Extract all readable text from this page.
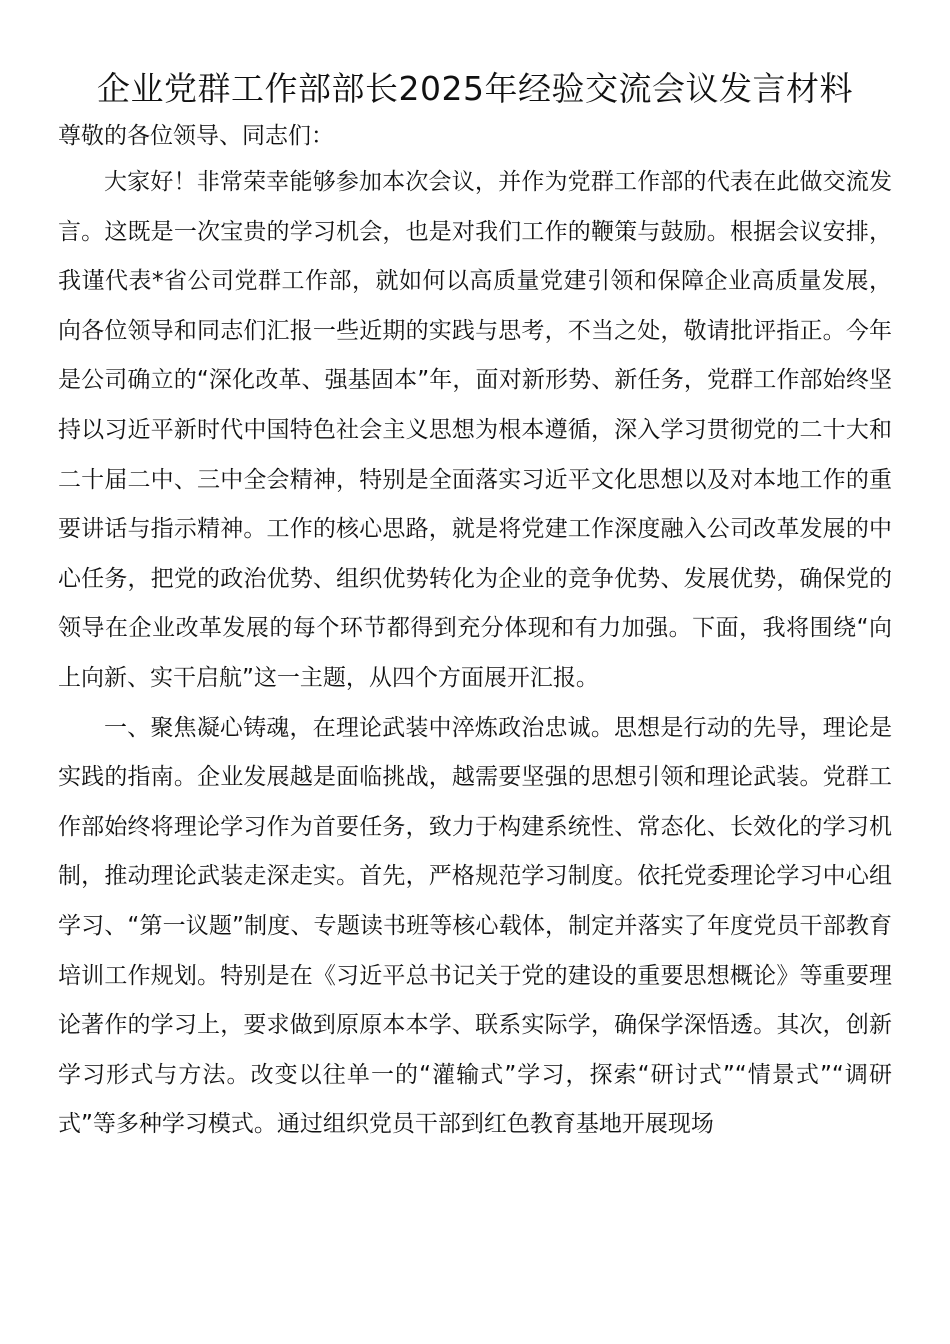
企业党群工作部部长2025年经验交流会议发言材料

尊敬的各位领导、同志们：

大家好！非常荣幸能够参加本次会议，并作为党群工作部的代表在此做交流发言。这既是一次宝贵的学习机会，也是对我们工作的鞭策与鼓励。根据会议安排，我谨代表*省公司党群工作部，就如何以高质量党建引领和保障企业高质量发展，向各位领导和同志们汇报一些近期的实践与思考，不当之处，敬请批评指正。今年是公司确立的“深化改革、强基固本”年，面对新形势、新任务，党群工作部始终坚持以习近平新时代中国特色社会主义思想为根本遵循，深入学习贯彻党的二十大和二十届二中、三中全会精神，特别是全面落实习近平文化思想以及对本地工作的重要讲话与指示精神。工作的核心思路，就是将党建工作深度融入公司改革发展的中心任务，把党的政治优势、组织优势转化为企业的竞争优势、发展优势，确保党的领导在企业改革发展的每个环节都得到充分体现和有力加强。下面，我将围绕“向上向新、实干启航”这一主题，从四个方面展开汇报。

一、聚焦凝心铸魂，在理论武装中淬炼政治忠诚。思想是行动的先导，理论是实践的指南。企业发展越是面临挑战，越需要坚强的思想引领和理论武装。党群工作部始终将理论学习作为首要任务，致力于构建系统性、常态化、长效化的学习机制，推动理论武装走深走实。首先，严格规范学习制度。依托党委理论学习中心组学习、“第一议题”制度、专题读书班等核心载体，制定并落实了年度党员干部教育培训工作规划。特别是在《习近平总书记关于党的建设的重要思想概论》等重要理论著作的学习上，要求做到原原本本学、联系实际学，确保学深悟透。其次，创新学习形式与方法。改变以往单一的“灌输式”学习，探索“研讨式”“情景式”“调研式”等多种学习模式。通过组织党员干部到红色教育基地开展现场
